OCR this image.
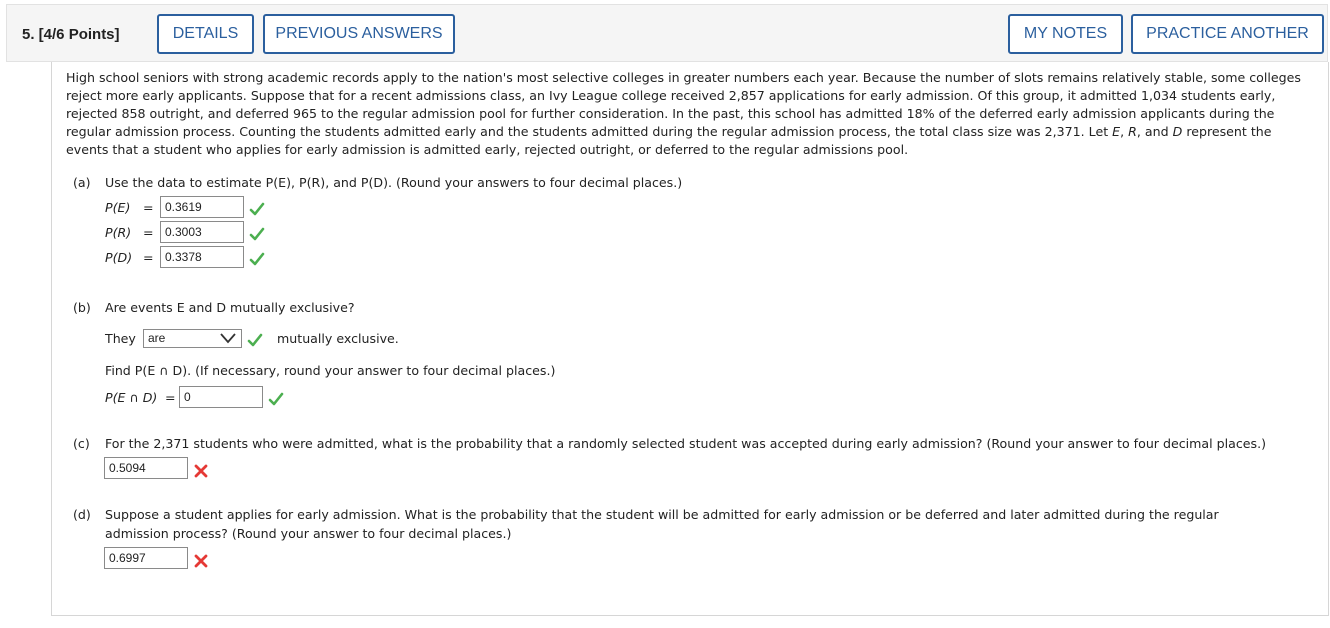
5. [4/6 Points]	DETAILS	PREVIOUS ANSWERS	MY NOTES	PRACTICE ANOTHER
High school seniors with strong academic records apply to the nation's most selective colleges in greater numbers each year. Because the number of slots remains relatively stable, some colleges reject more early applicants. Suppose that for a recent admissions class, an Ivy League college received 2,857 applications for early admission. Of this group, it admitted 1,034 students early, rejected 858 outright, and deferred 965 to the regular admission pool for further consideration. In the past, this school has admitted 18% of the deferred early admission applicants during the regular admission process. Counting the students admitted early and the students admitted during the regular admission process, the total class size was 2,371. Let E, R, and D represent the events that a student who applies for early admission is admitted early, rejected outright, or deferred to the regular admissions pool.
(a) Use the data to estimate P(E), P(R), and P(D). (Round your answers to four decimal places.)
P(E) = 0.3619
P(R) = 0.3003
P(D) = 0.3378
(b) Are events E and D mutually exclusive?
They	are	mutually exclusive.
Find P(E ∩ D). (If necessary, round your answer to four decimal places.)
P(E ∩ D) = 0
(c) For the 2,371 students who were admitted, what is the probability that a randomly selected student was accepted during early admission? (Round your answer to four decimal places.)
0.5094
(d) Suppose a student applies for early admission. What is the probability that the student will be admitted for early admission or be deferred and later admitted during the regular
admission process? (Round your answer to four decimal places.)
0.6997
